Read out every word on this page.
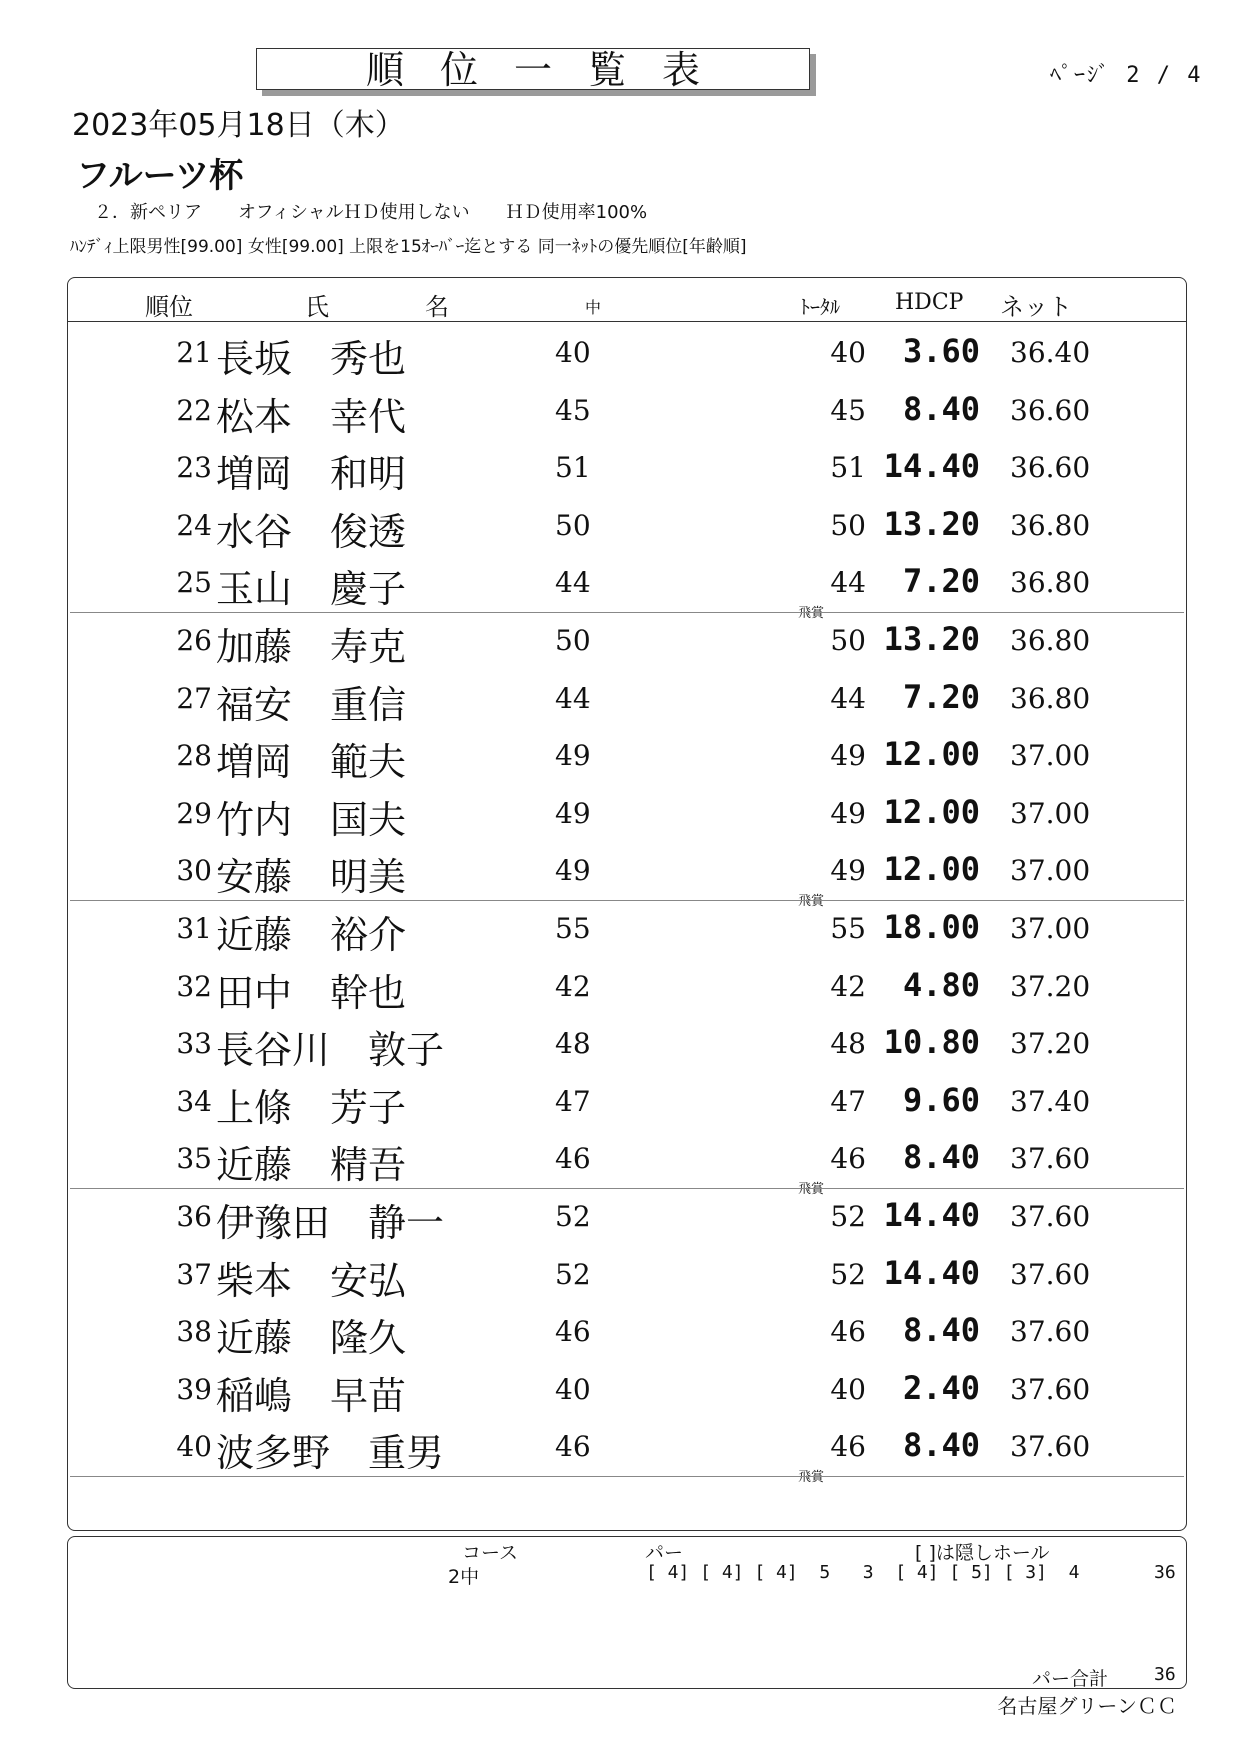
順位一覧表	ﾍﾟｰｼﾞ 2 / 4
2023年05月18日（木）
フルーツ杯
２．新ペリア　　オフィシャルＨＤ使用しない　　ＨＤ使用率100%
ﾊﾝﾃﾞｨ上限男性[99.00] 女性[99.00] 上限を15ｵｰﾊﾞｰ迄とする 同一ﾈｯﾄの優先順位[年齢順]
順位	氏	名	中	ﾄｰﾀﾙ	HDCP ネット
21 長坂　秀也	40	40	3.60 36.40
22 松本　幸代	45	45	8.40 36.60
23 増岡　和明	51	51 14.40 36.60
24 水谷　俊透	50	50 13.20 36.80
25 玉山　慶子	44	44	7.20 36.80
飛賞
26 加藤　寿克	50	50 13.20 36.80
27 福安　重信	44	44	7.20 36.80
28 増岡　範夫	49	49 12.00 37.00
29 竹内　国夫	49	49 12.00 37.00
30 安藤　明美	49	49 12.00 37.00
飛賞
31 近藤　裕介	55	55 18.00 37.00
32 田中　幹也	42	42	4.80 37.20
33 長谷川　敦子	48	48 10.80 37.20
34 上條　芳子	47	47	9.60 37.40
35 近藤　精吾	46	46	8.40 37.60
飛賞
36 伊豫田　静一	52	52 14.40 37.60
37 柴本　安弘	52	52 14.40 37.60
38 近藤　隆久	46	46	8.40 37.60
39 稲嶋　早苗	40	40	2.40 37.60
40 波多野　重男	46	46	8.40 37.60
飛賞
コース	パー	[ ]は隠しホール
2中	[ 4] [ 4] [ 4]  5   3  [ 4] [ 5] [ 3]  4	36
パー合計	36
名古屋グリーンＣＣ
